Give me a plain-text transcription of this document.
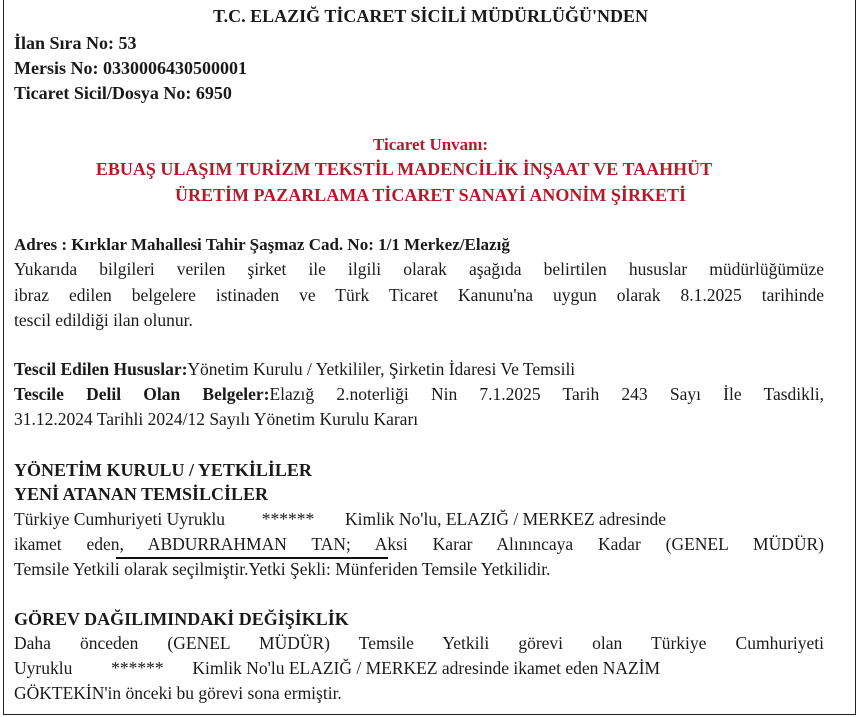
T.C. ELAZIĞ TİCARET SİCİLİ MÜDÜRLÜĞÜ'NDEN
İlan Sıra No: 53
Mersis No: 0330006430500001
Ticaret Sicil/Dosya No: 6950
Ticaret Unvanı:
EBUAŞ ULAŞIM TURİZM TEKSTİL MADENCİLİK İNŞAAT VE TAAHHÜT
ÜRETİM PAZARLAMA TİCARET SANAYİ ANONİM ŞİRKETİ
Adres : Kırklar Mahallesi Tahir Şaşmaz Cad. No: 1/1 Merkez/Elazığ
Yukarıda bilgileri verilen şirket ile ilgili olarak aşağıda belirtilen hususlar müdürlüğümüze
ibraz edilen belgelere istinaden ve Türk Ticaret Kanunu'na uygun olarak 8.1.2025 tarihinde
tescil edildiği ilan olunur.
Tescil Edilen Hususlar:Yönetim Kurulu / Yetkililer, Şirketin İdaresi Ve Temsili
Tescile Delil Olan Belgeler:Elazığ 2.noterliği Nin 7.1.2025 Tarih 243 Sayı İle Tasdikli,
31.12.2024 Tarihli 2024/12 Sayılı Yönetim Kurulu Kararı
YÖNETİM KURULU / YETKİLİLER
YENİ ATANAN TEMSİLCİLER
Türkiye Cumhuriyeti Uyruklu ****** Kimlik No'lu, ELAZIĞ / MERKEZ adresinde
ikamet eden, ABDURRAHMAN TAN; Aksi Karar Alınıncaya Kadar (GENEL MÜDÜR)
Temsile Yetkili olarak seçilmiştir.Yetki Şekli: Münferiden Temsile Yetkilidir.
GÖREV DAĞILIMINDAKİ DEĞİŞİKLİK
Daha önceden (GENEL MÜDÜR) Temsile Yetkili görevi olan Türkiye Cumhuriyeti
Uyruklu ****** Kimlik No'lu ELAZIĞ / MERKEZ adresinde ikamet eden NAZİM
GÖKTEKİN'in önceki bu görevi sona ermiştir.
